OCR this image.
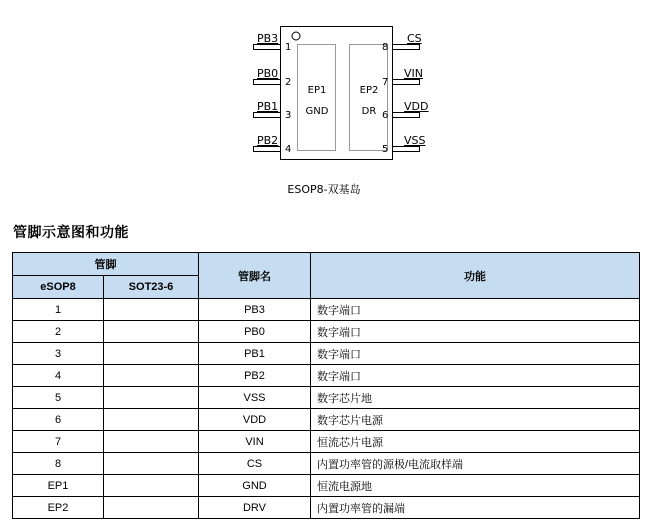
PB3
PB0
PB1
PB2
1
2
3
4
CS
VIN
VDD
VSS
8
7
6
5
EP1
GND
EP2
DR
ESOP8-双基岛
管脚示意图和功能
管脚		管脚名	功能
eSOP8	SOT23-6		
1		PB3	数字端口
2		PB0	数字端口
3		PB1	数字端口
4		PB2	数字端口
5		VSS	数字芯片地
6		VDD	数字芯片电源
7		VIN	恒流芯片电源
8		CS	内置功率管的源极/电流取样端
EP1		GND	恒流电源地
EP2		DRV	内置功率管的漏端
